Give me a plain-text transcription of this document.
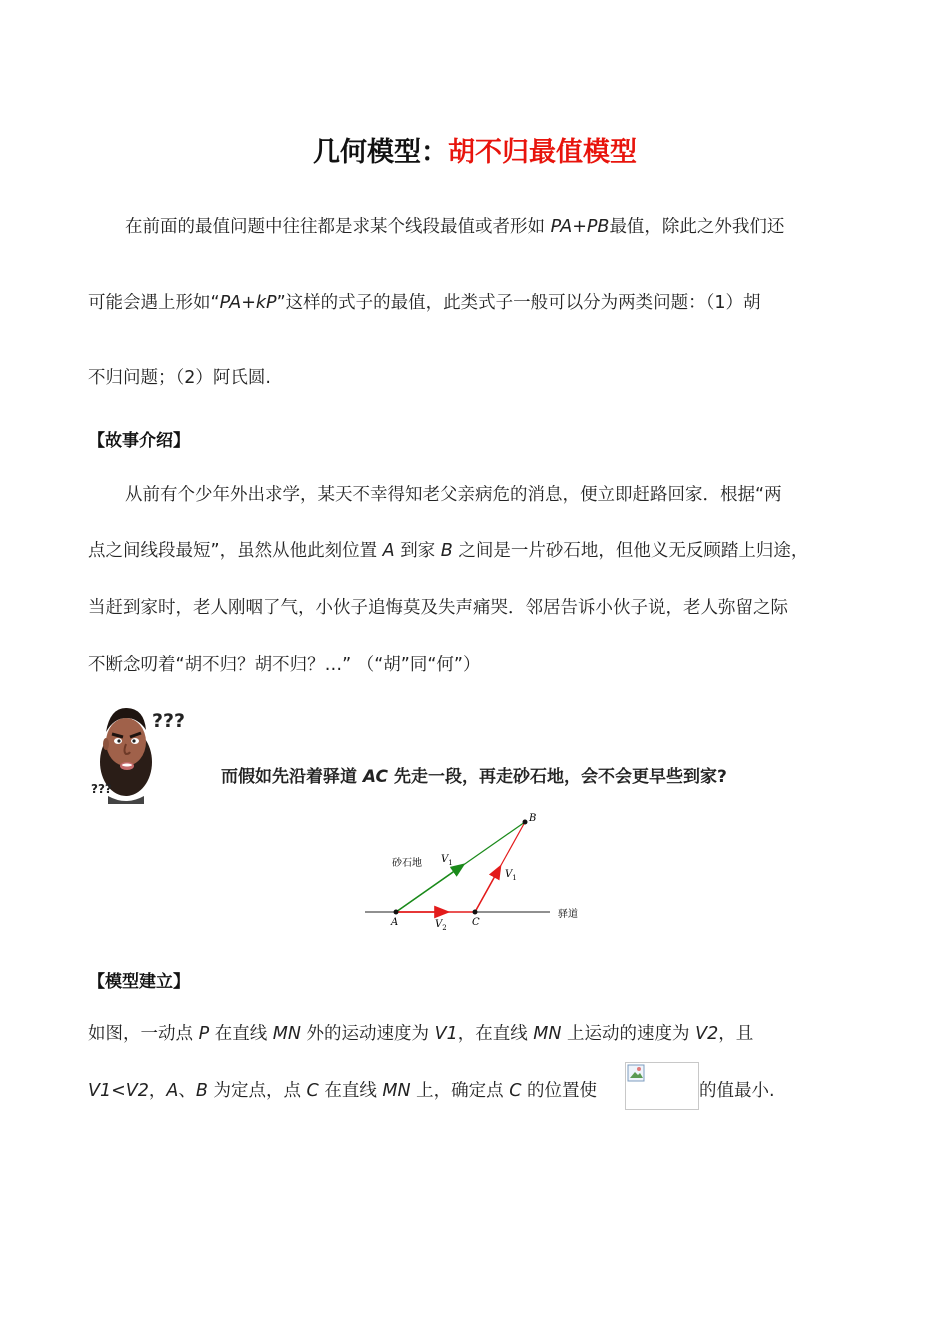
几何模型：胡不归最值模型
在前面的最值问题中往往都是求某个线段最值或者形如 PA+PB最值，除此之外我们还
可能会遇上形如“PA+kP”这样的式子的最值，此类式子一般可以分为两类问题：（1）胡
不归问题；（2）阿氏圆.
【故事介绍】
从前有个少年外出求学，某天不幸得知老父亲病危的消息，便立即赶路回家．根据“两
点之间线段最短”，虽然从他此刻位置 A 到家 B 之间是一片砂石地，但他义无反顾踏上归途，
当赶到家时，老人刚咽了气，小伙子追悔莫及失声痛哭．邻居告诉小伙子说，老人弥留之际
不断念叨着“胡不归？胡不归？…” （“胡”同“何”）
???
???
而假如先沿着驿道 AC 先走一段，再走砂石地，会不会更早些到家?
A	C
B
砂石地
驿道
$V_1$
$V_1$
$V_2$
【模型建立】
如图，一动点 P 在直线 MN 外的运动速度为 V1，在直线 MN 上运动的速度为 V2，且
V1<V2，A、B 为定点，点 C 在直线 MN 上，确定点 C 的位置使	的值最小.
